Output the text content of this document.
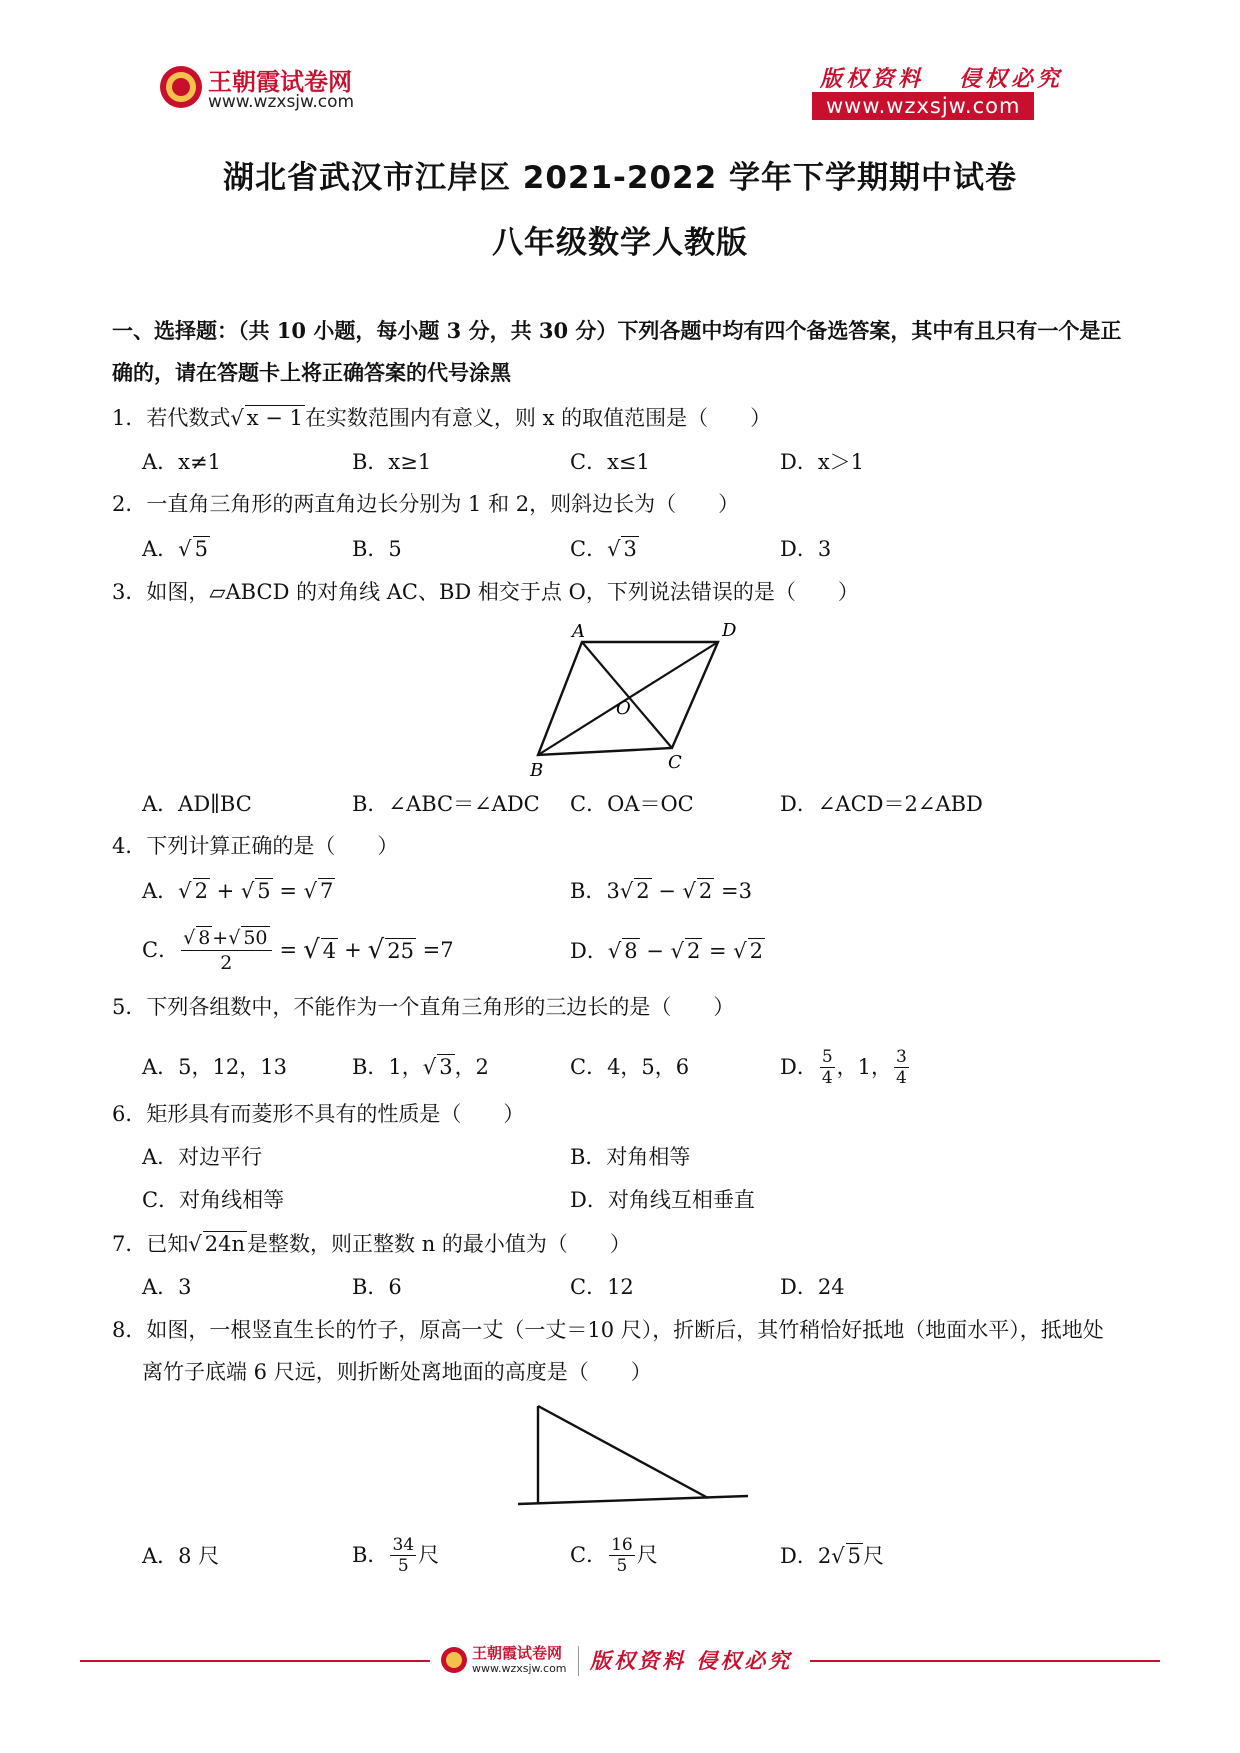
王朝霞试卷网
www.wzxsjw.com
版权资料   侵权必究
www.wzxsjw.com
湖北省武汉市江岸区 2021-2022 学年下学期期中试卷
八年级数学人教版
一、选择题：（共 10 小题，每小题 3 分，共 30 分）下列各题中均有四个备选答案，其中有且只有一个是正
确的，请在答题卡上将正确答案的代号涂黑
1．若代数式√ x − 1在实数范围内有意义，则 x 的取值范围是（　　）
A．x≠1	B．x≥1	C．x≤1	D．x＞1
2．一直角三角形的两直角边长分别为 1 和 2，则斜边长为（　　）
A．√ 5	B．5	C．√ 3	D．3
3．如图，▱ABCD 的对角线 AC、BD 相交于点 O，下列说法错误的是（　　）
A	D
O
C
B
A．AD∥BC	B．∠ABC＝∠ADC C．OA＝OC	D．∠ACD＝2∠ABD
4．下列计算正确的是（　　）
A．√ 2 + √ 5 = √ 7	B．3√ 2 − √ 2 =3
C． $\frac{√ 8 +√ 50}{2}$ = √ 4 + √ 25
=7	D．√ 8 − √ 2 = √ 2
5．下列各组数中，不能作为一个直角三角形的三边长的是（　　）
A．5，12，13	B．1，√ 3，2	C．4，5，6	D． $\frac{5}{4}$ ，1， $\frac{3}{4}$
6．矩形具有而菱形不具有的性质是（　　）
A．对边平行	B．对角相等
C．对角线相等	D．对角线互相垂直
7．已知√ 24n是整数，则正整数 n 的最小值为（　　）
A．3	B．6	C．12	D．24
8．如图，一根竖直生长的竹子，原高一丈（一丈＝10 尺），折断后，其竹稍恰好抵地（地面水平），抵地处
离竹子底端 6 尺远，则折断处离地面的高度是（　　）
A．8 尺	B． $\frac{34}{5}$ 尺	C． $\frac{16}{5}$ 尺	D．2√ 5尺
王朝霞试卷网
www.wzxsjw.com 版权资料 侵权必究
